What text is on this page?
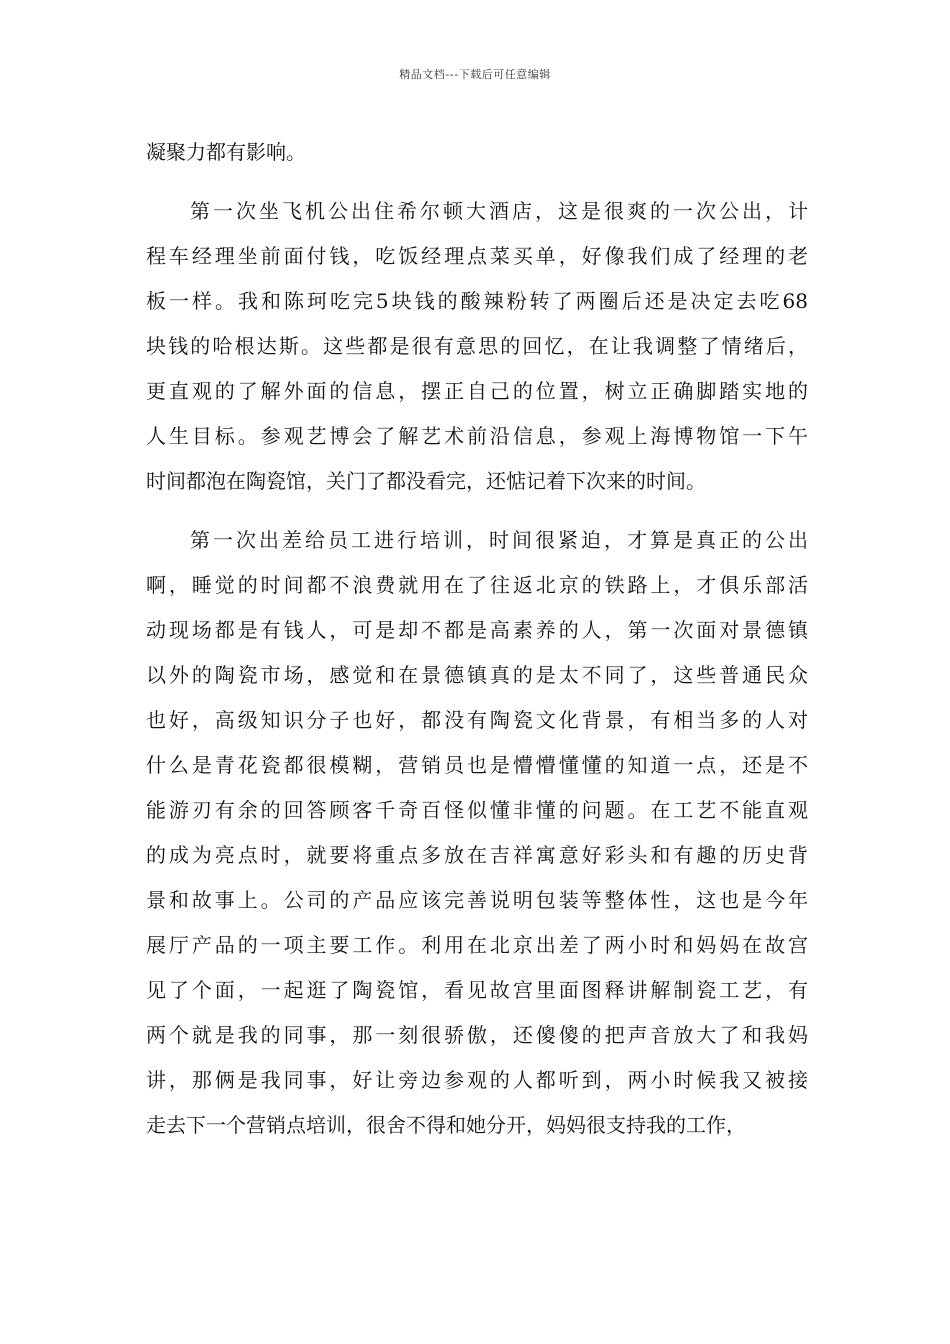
精品文档---下载后可任意编辑
凝聚力都有影响。
第一次坐飞机公出住希尔顿大酒店，这是很爽的一次公出，计
程车经理坐前面付钱，吃饭经理点菜买单，好像我们成了经理的老
板一样。我和陈珂吃完5块钱的酸辣粉转了两圈后还是决定去吃68
块钱的哈根达斯。这些都是很有意思的回忆，在让我调整了情绪后，
更直观的了解外面的信息，摆正自己的位置，树立正确脚踏实地的
人生目标。参观艺博会了解艺术前沿信息，参观上海博物馆一下午
时间都泡在陶瓷馆，关门了都没看完，还惦记着下次来的时间。
第一次出差给员工进行培训，时间很紧迫，才算是真正的公出
啊，睡觉的时间都不浪费就用在了往返北京的铁路上，才俱乐部活
动现场都是有钱人，可是却不都是高素养的人，第一次面对景德镇
以外的陶瓷市场，感觉和在景德镇真的是太不同了，这些普通民众
也好，高级知识分子也好，都没有陶瓷文化背景，有相当多的人对
什么是青花瓷都很模糊，营销员也是懵懵懂懂的知道一点，还是不
能游刃有余的回答顾客千奇百怪似懂非懂的问题。在工艺不能直观
的成为亮点时，就要将重点多放在吉祥寓意好彩头和有趣的历史背
景和故事上。公司的产品应该完善说明包装等整体性，这也是今年
展厅产品的一项主要工作。利用在北京出差了两小时和妈妈在故宫
见了个面，一起逛了陶瓷馆，看见故宫里面图释讲解制瓷工艺，有
两个就是我的同事，那一刻很骄傲，还傻傻的把声音放大了和我妈
讲，那俩是我同事，好让旁边参观的人都听到，两小时候我又被接
走去下一个营销点培训，很舍不得和她分开，妈妈很支持我的工作，
